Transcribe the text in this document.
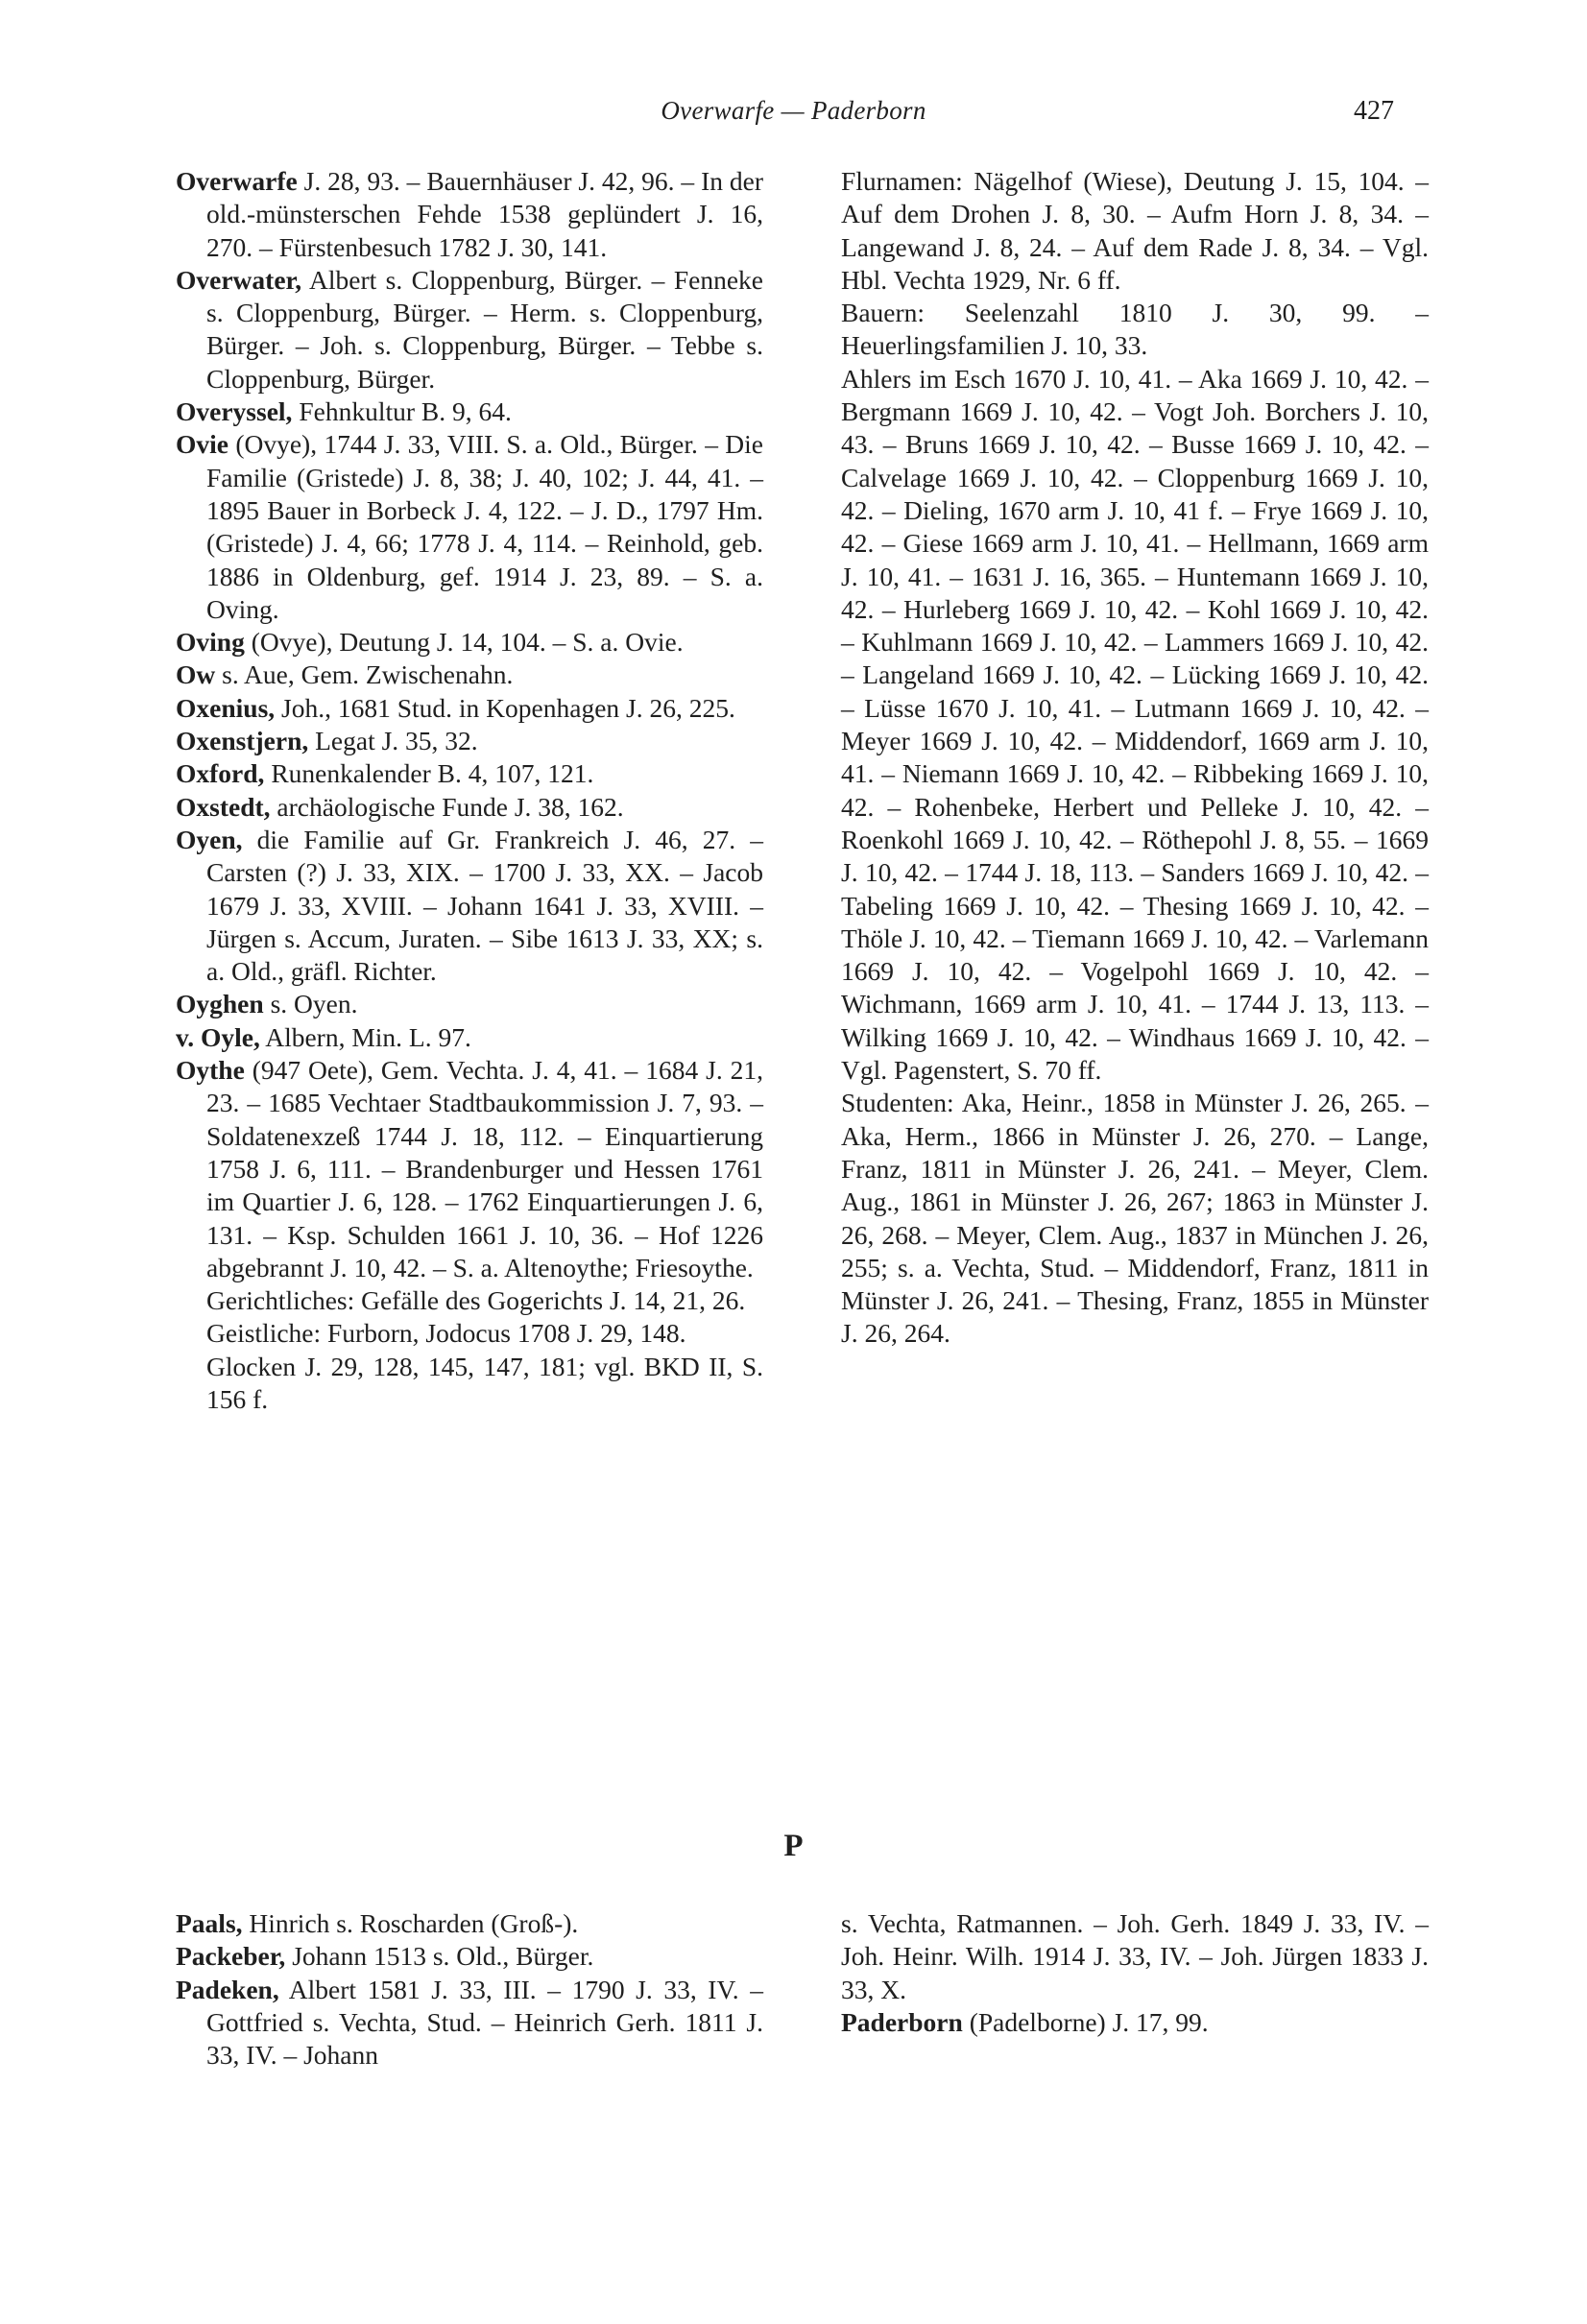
Overwarfe — Paderborn	427

Overwarfe J. 28, 93. – Bauernhäuser J. 42, 96. – In der old.-münsterschen Fehde 1538 geplündert J. 16, 270. – Fürstenbesuch 1782 J. 30, 141.

Overwater, Albert s. Cloppenburg, Bürger. – Fenneke s. Cloppenburg, Bürger. – Herm. s. Cloppenburg, Bürger. – Joh. s. Cloppenburg, Bürger. – Tebbe s. Cloppenburg, Bürger.

Overyssel, Fehnkultur B. 9, 64.

Ovie (Ovye), 1744 J. 33, VIII. S. a. Old., Bürger. – Die Familie (Gristede) J. 8, 38; J. 40, 102; J. 44, 41. – 1895 Bauer in Borbeck J. 4, 122. – J. D., 1797 Hm. (Gristede) J. 4, 66; 1778 J. 4, 114. – Reinhold, geb. 1886 in Oldenburg, gef. 1914 J. 23, 89. – S. a. Oving.

Oving (Ovye), Deutung J. 14, 104. – S. a. Ovie.

Ow s. Aue, Gem. Zwischenahn.

Oxenius, Joh., 1681 Stud. in Kopenhagen J. 26, 225.

Oxenstjern, Legat J. 35, 32.

Oxford, Runenkalender B. 4, 107, 121.

Oxstedt, archäologische Funde J. 38, 162.

Oyen, die Familie auf Gr. Frankreich J. 46, 27. – Carsten (?) J. 33, XIX. – 1700 J. 33, XX. – Jacob 1679 J. 33, XVIII. – Johann 1641 J. 33, XVIII. – Jürgen s. Accum, Juraten. – Sibe 1613 J. 33, XX; s. a. Old., gräfl. Richter.

Oyghen s. Oyen.

v. Oyle, Albern, Min. L. 97.

Oythe (947 Oete), Gem. Vechta. J. 4, 41. – 1684 J. 21, 23. – 1685 Vechtaer Stadtbaukommission J. 7, 93. – Soldatenexzeß 1744 J. 18, 112. – Einquartierung 1758 J. 6, 111. – Brandenburger und Hessen 1761 im Quartier J. 6, 128. – 1762 Einquartierungen J. 6, 131. – Ksp. Schulden 1661 J. 10, 36. – Hof 1226 abgebrannt J. 10, 42. – S. a. Altenoythe; Friesoythe.

Gerichtliches: Gefälle des Gogerichts J. 14, 21, 26.

Geistliche: Furborn, Jodocus 1708 J. 29, 148.

Glocken J. 29, 128, 145, 147, 181; vgl. BKD II, S. 156 f.

Flurnamen: Nägelhof (Wiese), Deutung J. 15, 104. – Auf dem Drohen J. 8, 30. – Aufm Horn J. 8, 34. – Langewand J. 8, 24. – Auf dem Rade J. 8, 34. – Vgl. Hbl. Vechta 1929, Nr. 6 ff.

Bauern: Seelenzahl 1810 J. 30, 99. – Heuerlingsfamilien J. 10, 33.

Ahlers im Esch 1670 J. 10, 41. – Aka 1669 J. 10, 42. – Bergmann 1669 J. 10, 42. – Vogt Joh. Borchers J. 10, 43. – Bruns 1669 J. 10, 42. – Busse 1669 J. 10, 42. – Calvelage 1669 J. 10, 42. – Cloppenburg 1669 J. 10, 42. – Dieling, 1670 arm J. 10, 41 f. – Frye 1669 J. 10, 42. – Giese 1669 arm J. 10, 41. – Hellmann, 1669 arm J. 10, 41. – 1631 J. 16, 365. – Huntemann 1669 J. 10, 42. – Hurleberg 1669 J. 10, 42. – Kohl 1669 J. 10, 42. – Kuhlmann 1669 J. 10, 42. – Lammers 1669 J. 10, 42. – Langeland 1669 J. 10, 42. – Lücking 1669 J. 10, 42. – Lüsse 1670 J. 10, 41. – Lutmann 1669 J. 10, 42. – Meyer 1669 J. 10, 42. – Middendorf, 1669 arm J. 10, 41. – Niemann 1669 J. 10, 42. – Ribbeking 1669 J. 10, 42. – Rohenbeke, Herbert und Pelleke J. 10, 42. – Roenkohl 1669 J. 10, 42. – Röthepohl J. 8, 55. – 1669 J. 10, 42. – 1744 J. 18, 113. – Sanders 1669 J. 10, 42. – Tabeling 1669 J. 10, 42. – Thesing 1669 J. 10, 42. – Thöle J. 10, 42. – Tiemann 1669 J. 10, 42. – Varlemann 1669 J. 10, 42. – Vogelpohl 1669 J. 10, 42. – Wichmann, 1669 arm J. 10, 41. – 1744 J. 13, 113. – Wilking 1669 J. 10, 42. – Windhaus 1669 J. 10, 42. – Vgl. Pagenstert, S. 70 ff.

Studenten: Aka, Heinr., 1858 in Münster J. 26, 265. – Aka, Herm., 1866 in Münster J. 26, 270. – Lange, Franz, 1811 in Münster J. 26, 241. – Meyer, Clem. Aug., 1861 in Münster J. 26, 267; 1863 in Münster J. 26, 268. – Meyer, Clem. Aug., 1837 in München J. 26, 255; s. a. Vechta, Stud. – Middendorf, Franz, 1811 in Münster J. 26, 241. – Thesing, Franz, 1855 in Münster J. 26, 264.

P

Paals, Hinrich s. Roscharden (Groß-).

Packeber, Johann 1513 s. Old., Bürger.

Padeken, Albert 1581 J. 33, III. – 1790 J. 33, IV. – Gottfried s. Vechta, Stud. – Heinrich Gerh. 1811 J. 33, IV. – Johann

s. Vechta, Ratmannen. – Joh. Gerh. 1849 J. 33, IV. – Joh. Heinr. Wilh. 1914 J. 33, IV. – Joh. Jürgen 1833 J. 33, X.

Paderborn (Padelborne) J. 17, 99.
